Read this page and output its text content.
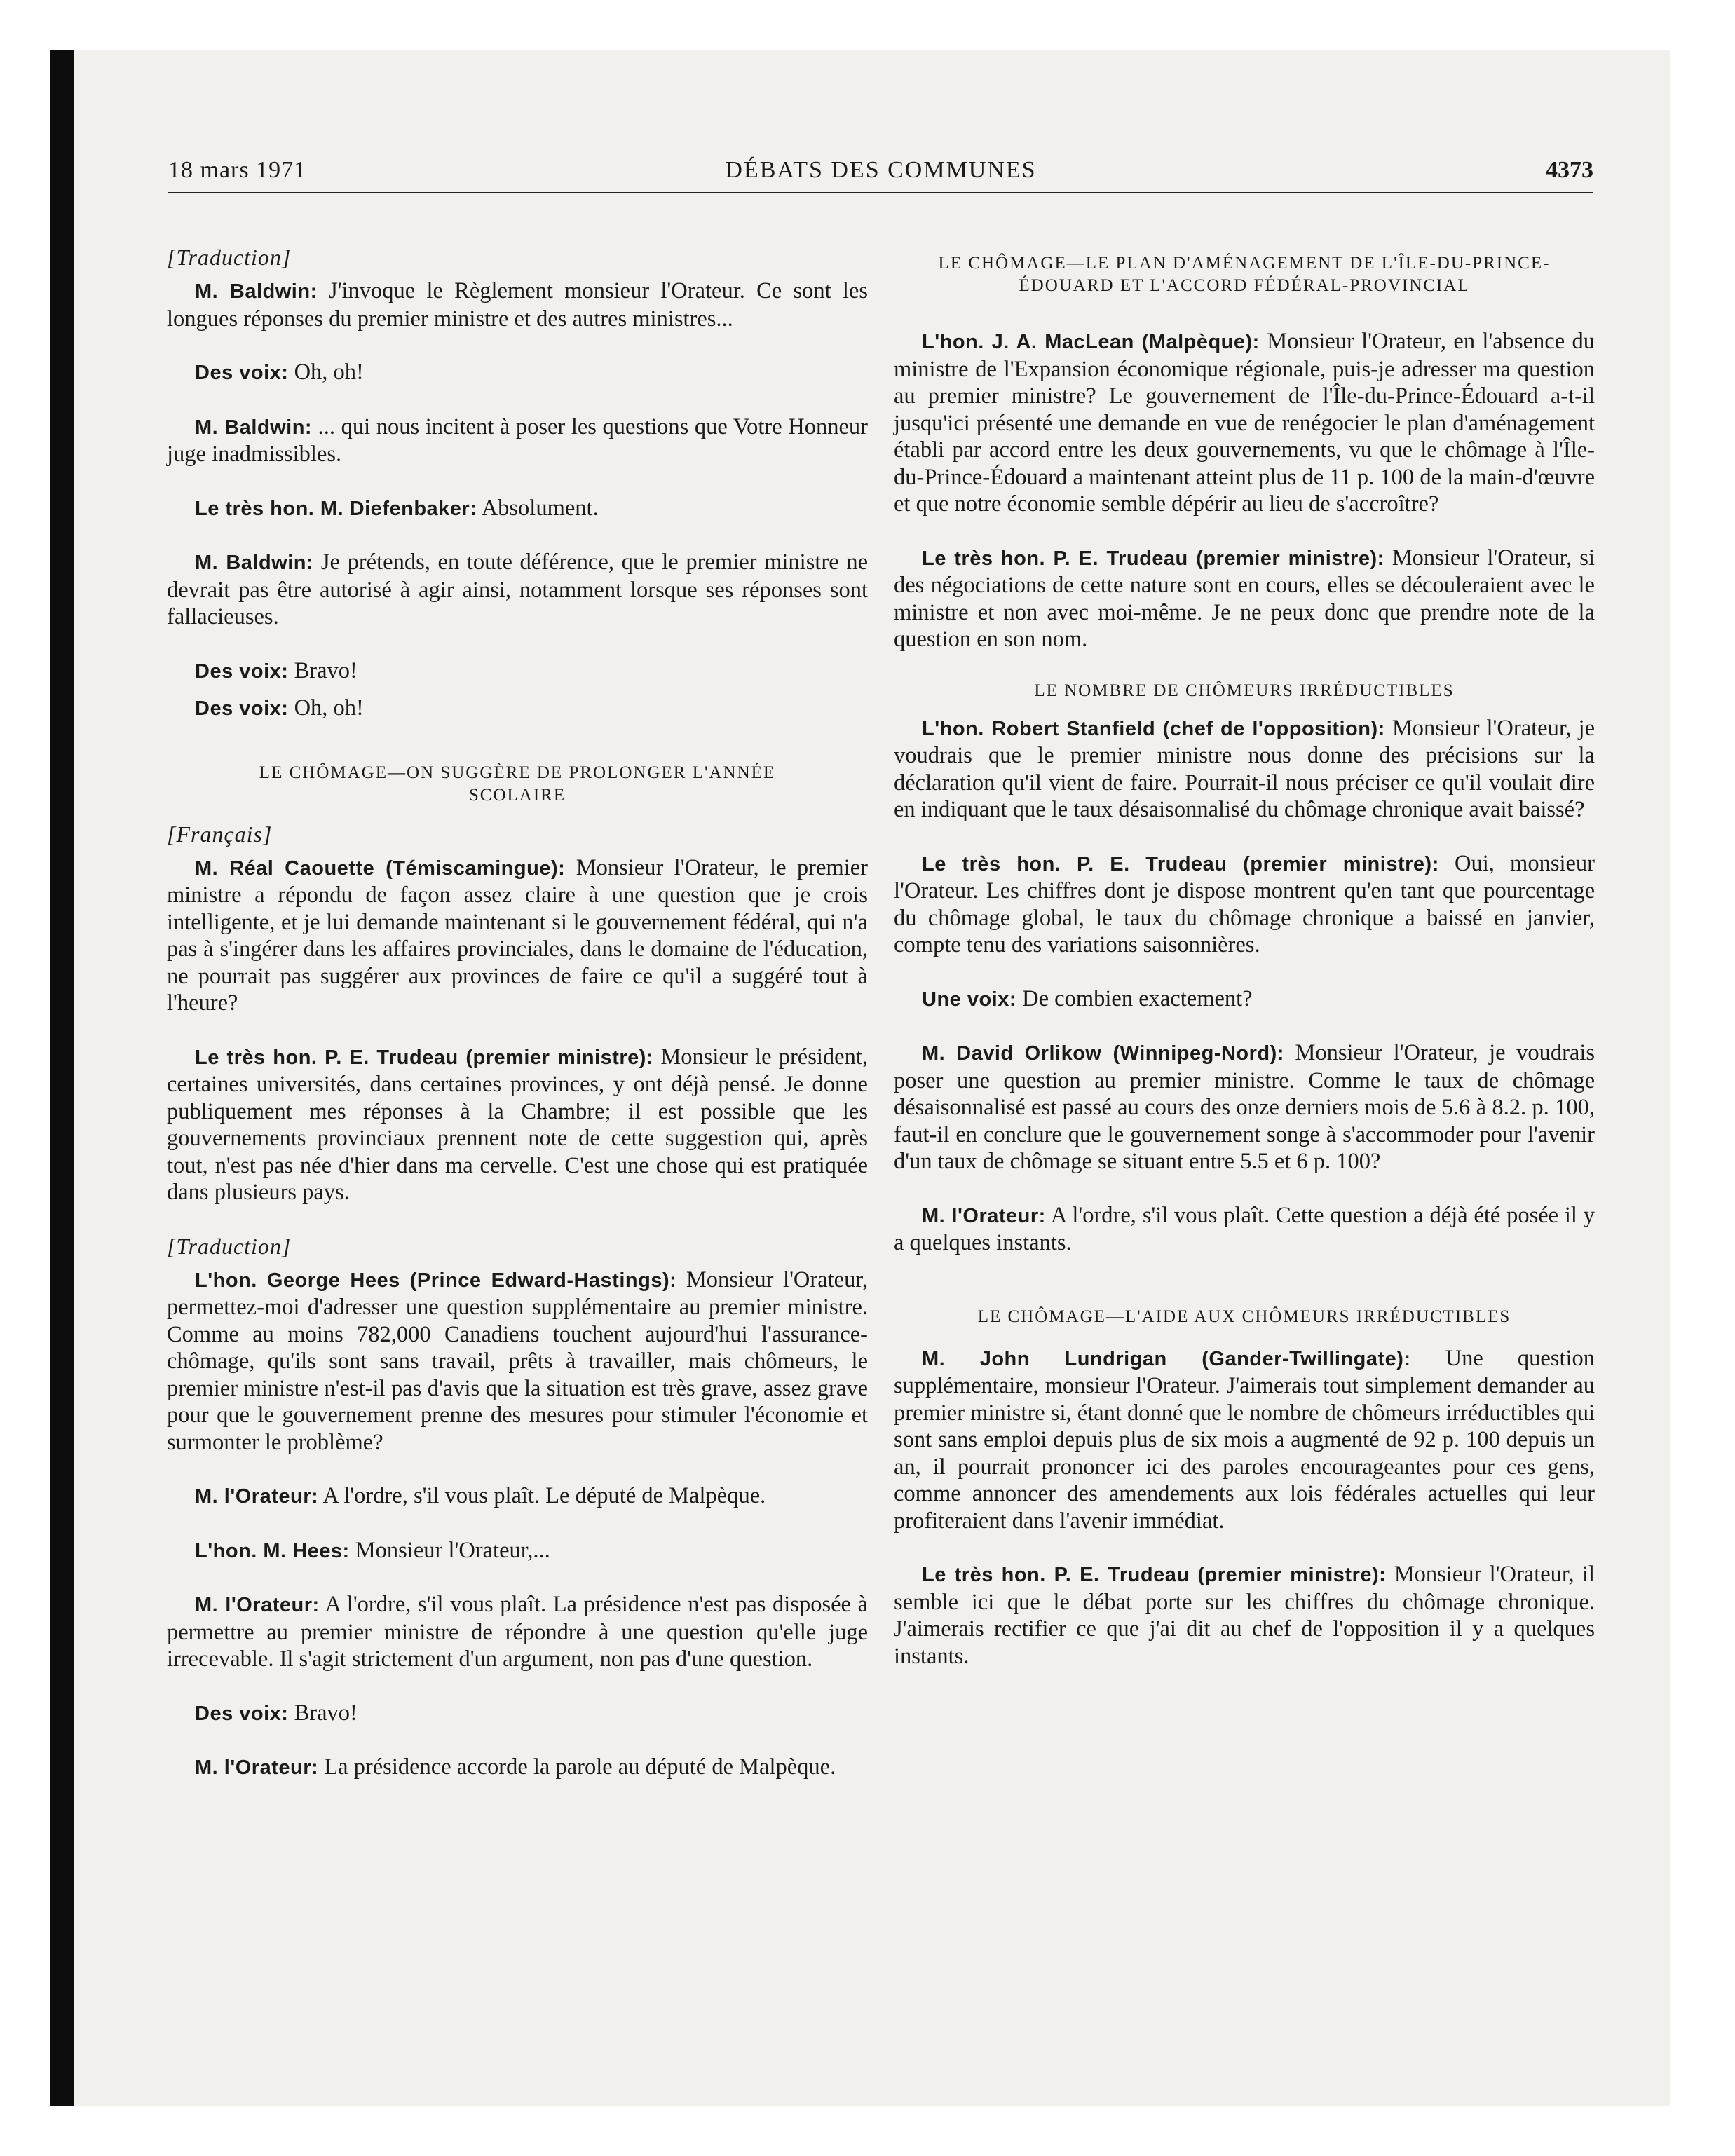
18 mars 1971	DÉBATS DES COMMUNES	4373
[Traduction]

M. Baldwin: J'invoque le Règlement monsieur l'Orateur. Ce sont les longues réponses du premier ministre et des autres ministres...

Des voix: Oh, oh!

M. Baldwin: ... qui nous incitent à poser les questions que Votre Honneur juge inadmissibles.

Le très hon. M. Diefenbaker: Absolument.

M. Baldwin: Je prétends, en toute déférence, que le premier ministre ne devrait pas être autorisé à agir ainsi, notamment lorsque ses réponses sont fallacieuses.

Des voix: Bravo!

Des voix: Oh, oh!

LE CHÔMAGE—ON SUGGÈRE DE PROLONGER L'ANNÉE SCOLAIRE
[Français]

M. Réal Caouette (Témiscamingue): Monsieur l'Orateur, le premier ministre a répondu de façon assez claire à une question que je crois intelligente, et je lui demande maintenant si le gouvernement fédéral, qui n'a pas à s'ingérer dans les affaires provinciales, dans le domaine de l'éducation, ne pourrait pas suggérer aux provinces de faire ce qu'il a suggéré tout à l'heure?

Le très hon. P. E. Trudeau (premier ministre): Monsieur le président, certaines universités, dans certaines provinces, y ont déjà pensé. Je donne publiquement mes réponses à la Chambre; il est possible que les gouvernements provinciaux prennent note de cette suggestion qui, après tout, n'est pas née d'hier dans ma cervelle. C'est une chose qui est pratiquée dans plusieurs pays.

[Traduction]

L'hon. George Hees (Prince Edward-Hastings): Monsieur l'Orateur, permettez-moi d'adresser une question supplémentaire au premier ministre. Comme au moins 782,000 Canadiens touchent aujourd'hui l'assurance-chômage, qu'ils sont sans travail, prêts à travailler, mais chômeurs, le premier ministre n'est-il pas d'avis que la situation est très grave, assez grave pour que le gouvernement prenne des mesures pour stimuler l'économie et surmonter le problème?

M. l'Orateur: A l'ordre, s'il vous plaît. Le député de Malpèque.

L'hon. M. Hees: Monsieur l'Orateur,...

M. l'Orateur: A l'ordre, s'il vous plaît. La présidence n'est pas disposée à permettre au premier ministre de répondre à une question qu'elle juge irrecevable. Il s'agit strictement d'un argument, non pas d'une question.

Des voix: Bravo!

M. l'Orateur: La présidence accorde la parole au député de Malpèque.

LE CHÔMAGE—LE PLAN D'AMÉNAGEMENT DE L'ÎLE-DU-PRINCE-ÉDOUARD ET L'ACCORD FÉDÉRAL-PROVINCIAL

L'hon. J. A. MacLean (Malpèque): Monsieur l'Orateur, en l'absence du ministre de l'Expansion économique régionale, puis-je adresser ma question au premier ministre? Le gouvernement de l'Île-du-Prince-Édouard a-t-il jusqu'ici présenté une demande en vue de renégocier le plan d'aménagement établi par accord entre les deux gouvernements, vu que le chômage à l'Île-du-Prince-Édouard a maintenant atteint plus de 11 p. 100 de la main-d'œuvre et que notre économie semble dépérir au lieu de s'accroître?

Le très hon. P. E. Trudeau (premier ministre): Monsieur l'Orateur, si des négociations de cette nature sont en cours, elles se découleraient avec le ministre et non avec moi-même. Je ne peux donc que prendre note de la question en son nom.

LE NOMBRE DE CHÔMEURS IRRÉDUCTIBLES

L'hon. Robert Stanfield (chef de l'opposition): Monsieur l'Orateur, je voudrais que le premier ministre nous donne des précisions sur la déclaration qu'il vient de faire. Pourrait-il nous préciser ce qu'il voulait dire en indiquant que le taux désaisonnalisé du chômage chronique avait baissé?

Le très hon. P. E. Trudeau (premier ministre): Oui, monsieur l'Orateur. Les chiffres dont je dispose montrent qu'en tant que pourcentage du chômage global, le taux du chômage chronique a baissé en janvier, compte tenu des variations saisonnières.

Une voix: De combien exactement?

M. David Orlikow (Winnipeg-Nord): Monsieur l'Orateur, je voudrais poser une question au premier ministre. Comme le taux de chômage désaisonnalisé est passé au cours des onze derniers mois de 5.6 à 8.2. p. 100, faut-il en conclure que le gouvernement songe à s'accommoder pour l'avenir d'un taux de chômage se situant entre 5.5 et 6 p. 100?

M. l'Orateur: A l'ordre, s'il vous plaît. Cette question a déjà été posée il y a quelques instants.

LE CHÔMAGE—L'AIDE AUX CHÔMEURS IRRÉDUCTIBLES

M. John Lundrigan (Gander-Twillingate): Une question supplémentaire, monsieur l'Orateur. J'aimerais tout simplement demander au premier ministre si, étant donné que le nombre de chômeurs irréductibles qui sont sans emploi depuis plus de six mois a augmenté de 92 p. 100 depuis un an, il pourrait prononcer ici des paroles encourageantes pour ces gens, comme annoncer des amendements aux lois fédérales actuelles qui leur profiteraient dans l'avenir immédiat.

Le très hon. P. E. Trudeau (premier ministre): Monsieur l'Orateur, il semble ici que le débat porte sur les chiffres du chômage chronique. J'aimerais rectifier ce que j'ai dit au chef de l'opposition il y a quelques instants.
